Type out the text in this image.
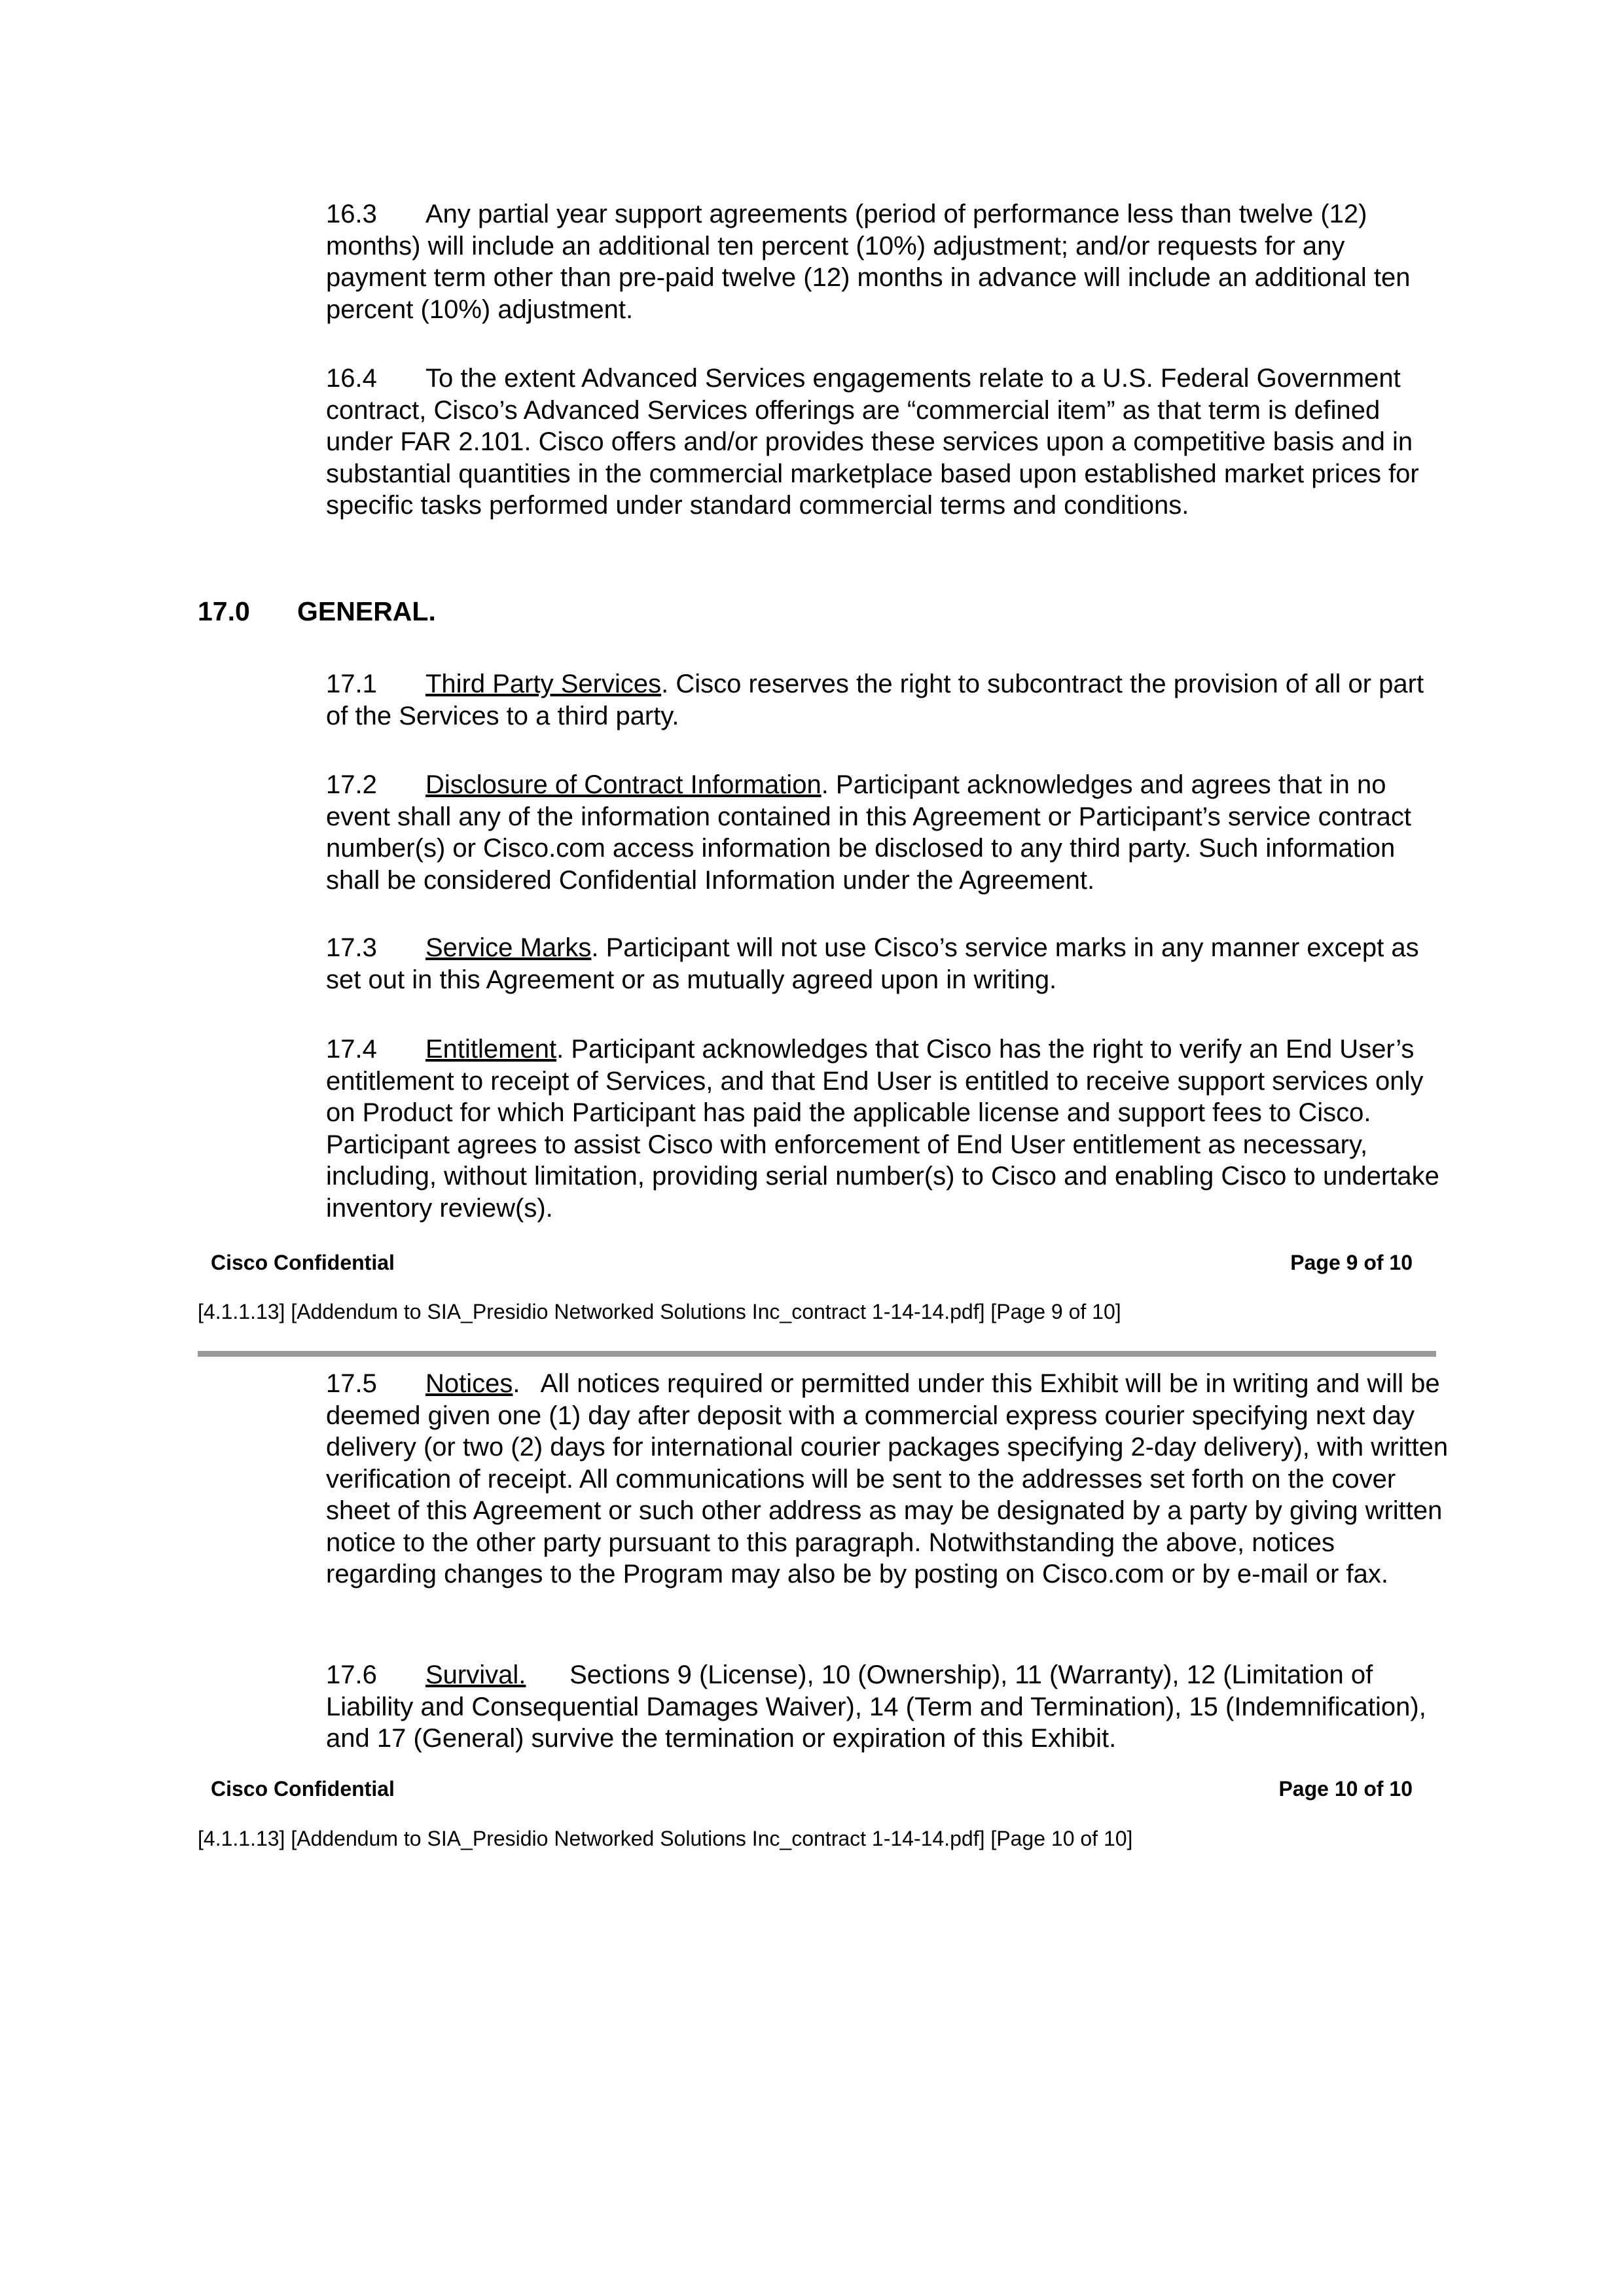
16.3 Any partial year support agreements (period of performance less than twelve (12) months) will include an additional ten percent (10%) adjustment; and/or requests for any payment term other than pre-paid twelve (12) months in advance will include an additional ten percent (10%) adjustment.

16.4 To the extent Advanced Services engagements relate to a U.S. Federal Government contract, Cisco’s Advanced Services offerings are “commercial item” as that term is defined under FAR 2.101. Cisco offers and/or provides these services upon a competitive basis and in substantial quantities in the commercial marketplace based upon established market prices for specific tasks performed under standard commercial terms and conditions.

17.0 GENERAL.

17.1 Third Party Services. Cisco reserves the right to subcontract the provision of all or part of the Services to a third party.

17.2 Disclosure of Contract Information. Participant acknowledges and agrees that in no event shall any of the information contained in this Agreement or Participant’s service contract number(s) or Cisco.com access information be disclosed to any third party. Such information shall be considered Confidential Information under the Agreement.

17.3 Service Marks. Participant will not use Cisco’s service marks in any manner except as set out in this Agreement or as mutually agreed upon in writing.

17.4 Entitlement. Participant acknowledges that Cisco has the right to verify an End User’s entitlement to receipt of Services, and that End User is entitled to receive support services only on Product for which Participant has paid the applicable license and support fees to Cisco. Participant agrees to assist Cisco with enforcement of End User entitlement as necessary, including, without limitation, providing serial number(s) to Cisco and enabling Cisco to undertake inventory review(s).

Cisco Confidential	Page 9 of 10
[4.1.1.13] [Addendum to SIA_Presidio Networked Solutions Inc_contract 1-14-14.pdf] [Page 9 of 10]

17.5 Notices.   All notices required or permitted under this Exhibit will be in writing and will be deemed given one (1) day after deposit with a commercial express courier specifying next day delivery (or two (2) days for international courier packages specifying 2-day delivery), with written verification of receipt. All communications will be sent to the addresses set forth on the cover sheet of this Agreement or such other address as may be designated by a party by giving written notice to the other party pursuant to this paragraph. Notwithstanding the above, notices regarding changes to the Program may also be by posting on Cisco.com or by e-mail or fax.

17.6 Survival.      Sections 9 (License), 10 (Ownership), 11 (Warranty), 12 (Limitation of Liability and Consequential Damages Waiver), 14 (Term and Termination), 15 (Indemnification), and 17 (General) survive the termination or expiration of this Exhibit.

Cisco Confidential	Page 10 of 10
[4.1.1.13] [Addendum to SIA_Presidio Networked Solutions Inc_contract 1-14-14.pdf] [Page 10 of 10]
